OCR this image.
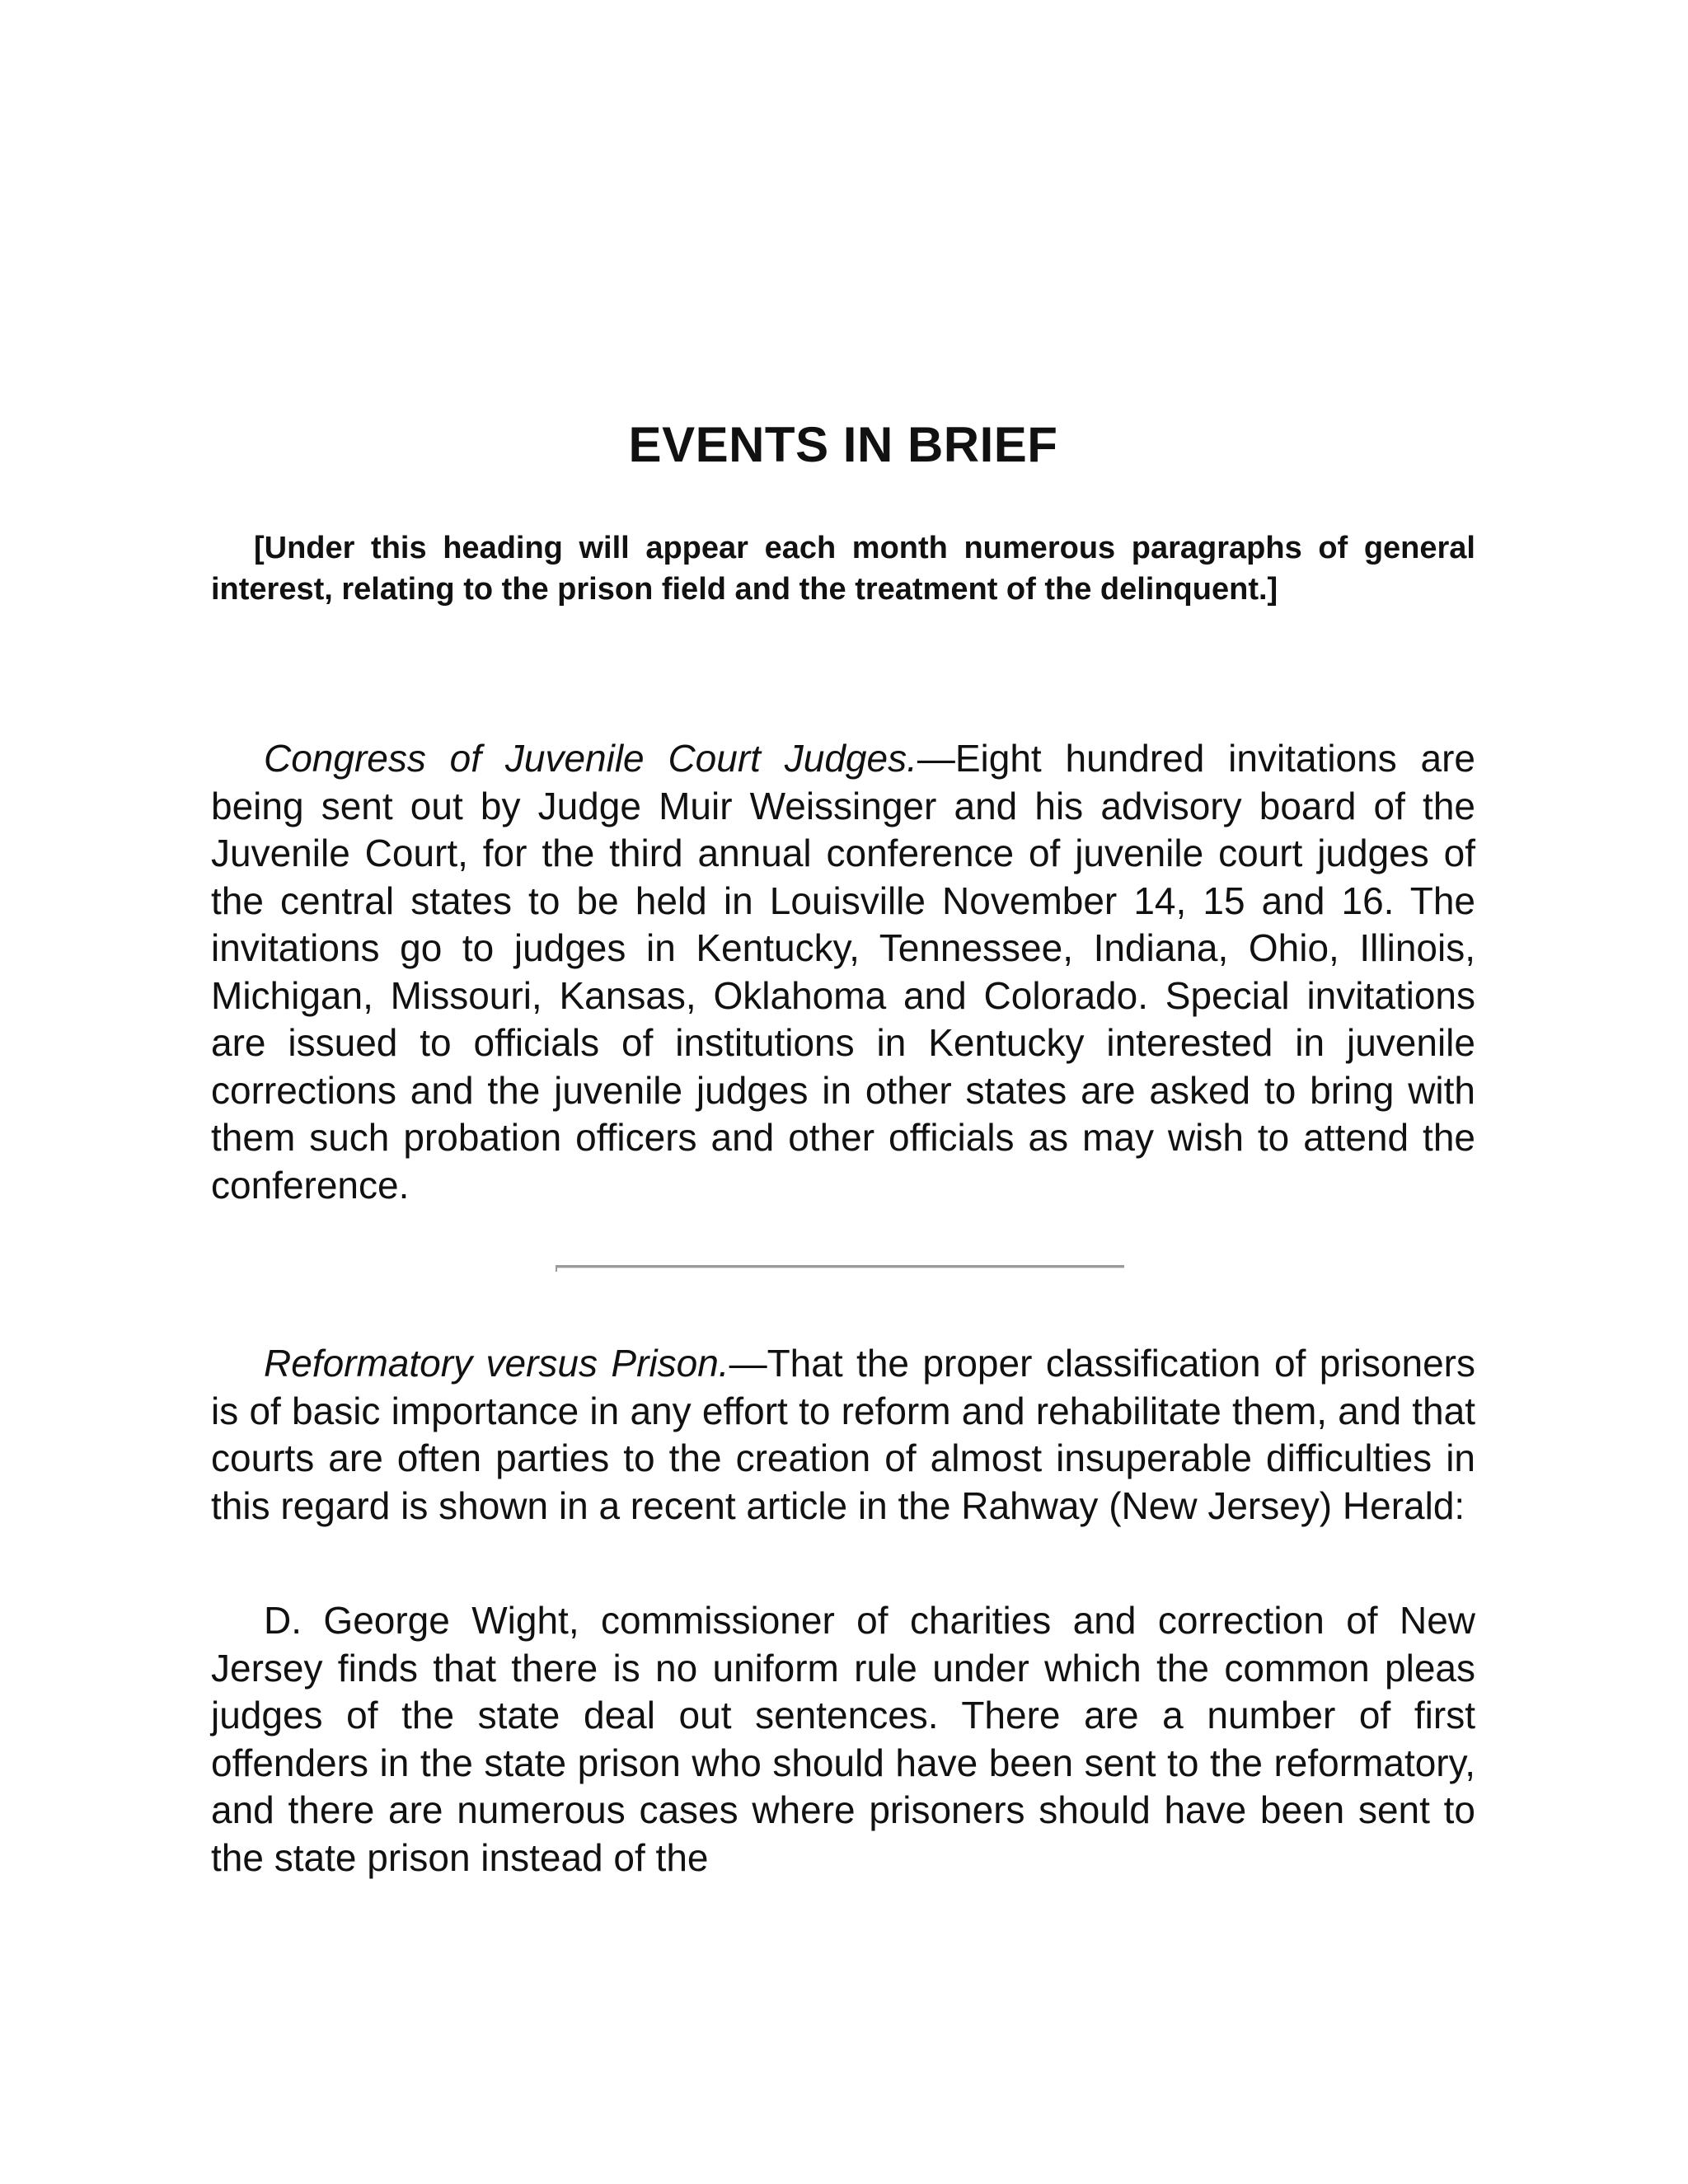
EVENTS IN BRIEF

[Under this heading will appear each month numerous paragraphs of general interest, relating to the prison field and the treatment of the delinquent.]

Congress of Juvenile Court Judges.—Eight hundred invitations are being sent out by Judge Muir Weissinger and his advisory board of the Juvenile Court, for the third annual conference of juvenile court judges of the central states to be held in Louisville November 14, 15 and 16. The invitations go to judges in Kentucky, Tennessee, Indiana, Ohio, Illinois, Michigan, Missouri, Kansas, Oklahoma and Colorado. Special invitations are issued to officials of institutions in Kentucky interested in juvenile corrections and the juvenile judges in other states are asked to bring with them such probation officers and other officials as may wish to attend the conference.

Reformatory versus Prison.—That the proper classification of prisoners is of basic importance in any effort to reform and rehabilitate them, and that courts are often parties to the creation of almost insuperable difficulties in this regard is shown in a recent article in the Rahway (New Jersey) Herald:

D. George Wight, commissioner of charities and correction of New Jersey finds that there is no uniform rule under which the common pleas judges of the state deal out sentences. There are a number of first offenders in the state prison who should have been sent to the reformatory, and there are numerous cases where prisoners should have been sent to the state prison instead of the
